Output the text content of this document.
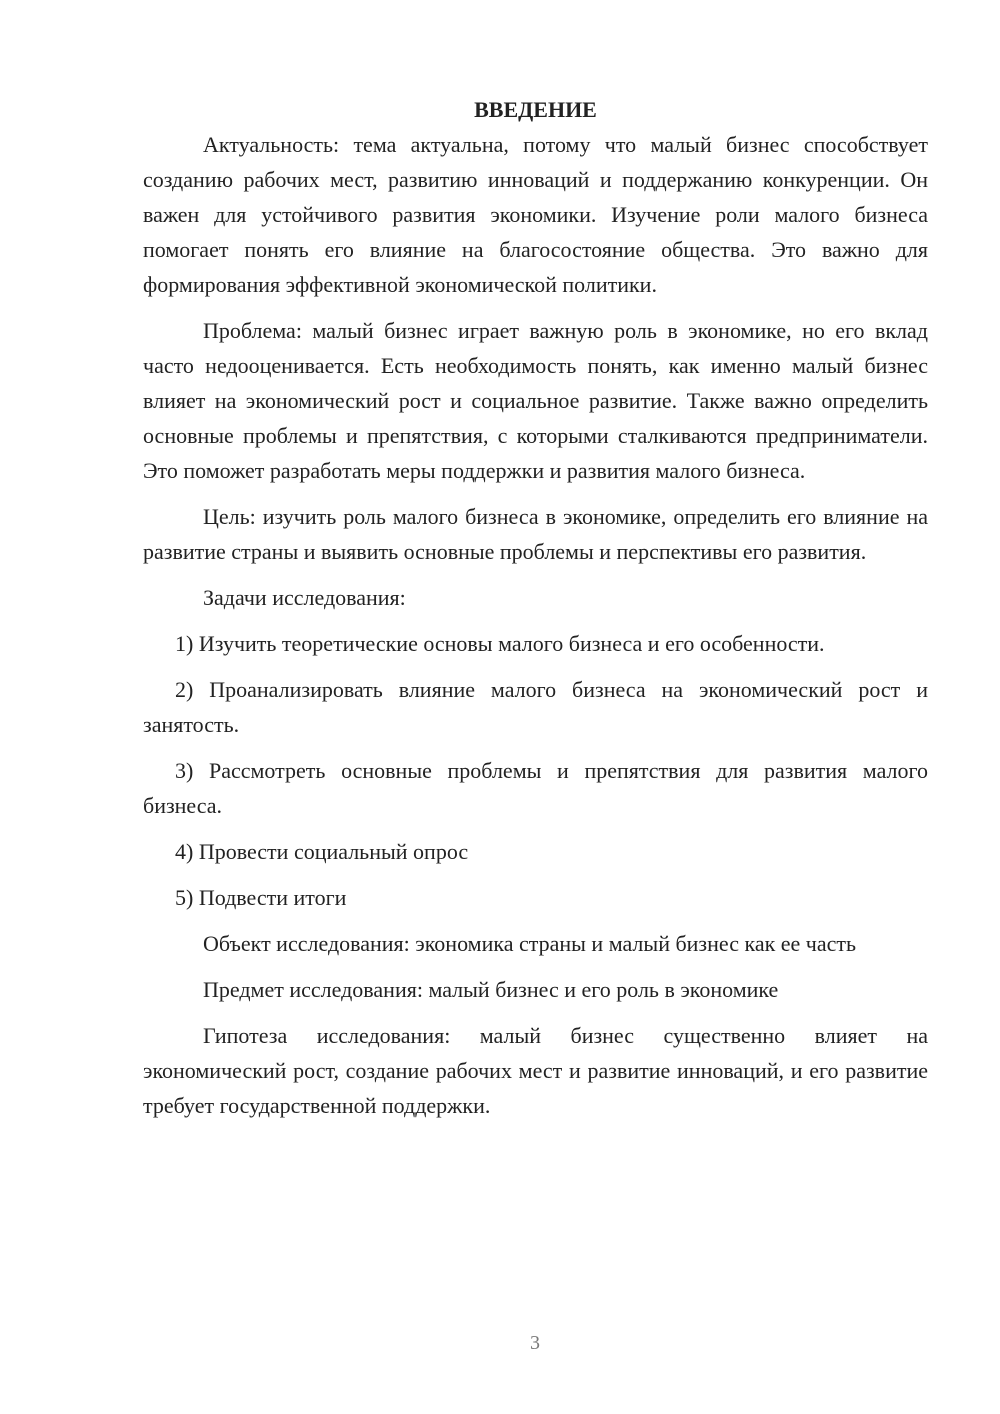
ВВЕДЕНИЕ

Актуальность: тема актуальна, потому что малый бизнес способствует созданию рабочих мест, развитию инноваций и поддержанию конкуренции. Он важен для устойчивого развития экономики. Изучение роли малого бизнеса помогает понять его влияние на благосостояние общества. Это важно для формирования эффективной экономической политики.

Проблема: малый бизнес играет важную роль в экономике, но его вклад часто недооценивается. Есть необходимость понять, как именно малый бизнес влияет на экономический рост и социальное развитие. Также важно определить основные проблемы и препятствия, с которыми сталкиваются предприниматели. Это поможет разработать меры поддержки и развития малого бизнеса.

Цель: изучить роль малого бизнеса в экономике, определить его влияние на развитие страны и выявить основные проблемы и перспективы его развития.

Задачи исследования:

1) Изучить теоретические основы малого бизнеса и его особенности.

2) Проанализировать влияние малого бизнеса на экономический рост и занятость.

3) Рассмотреть основные проблемы и препятствия для развития малого бизнеса.

4) Провести социальный опрос

5) Подвести итоги

Объект исследования: экономика страны и малый бизнес как ее часть

Предмет исследования: малый бизнес и его роль в экономике

Гипотеза исследования: малый бизнес существенно влияет на экономический рост, создание рабочих мест и развитие инноваций, и его развитие требует государственной поддержки.

3
